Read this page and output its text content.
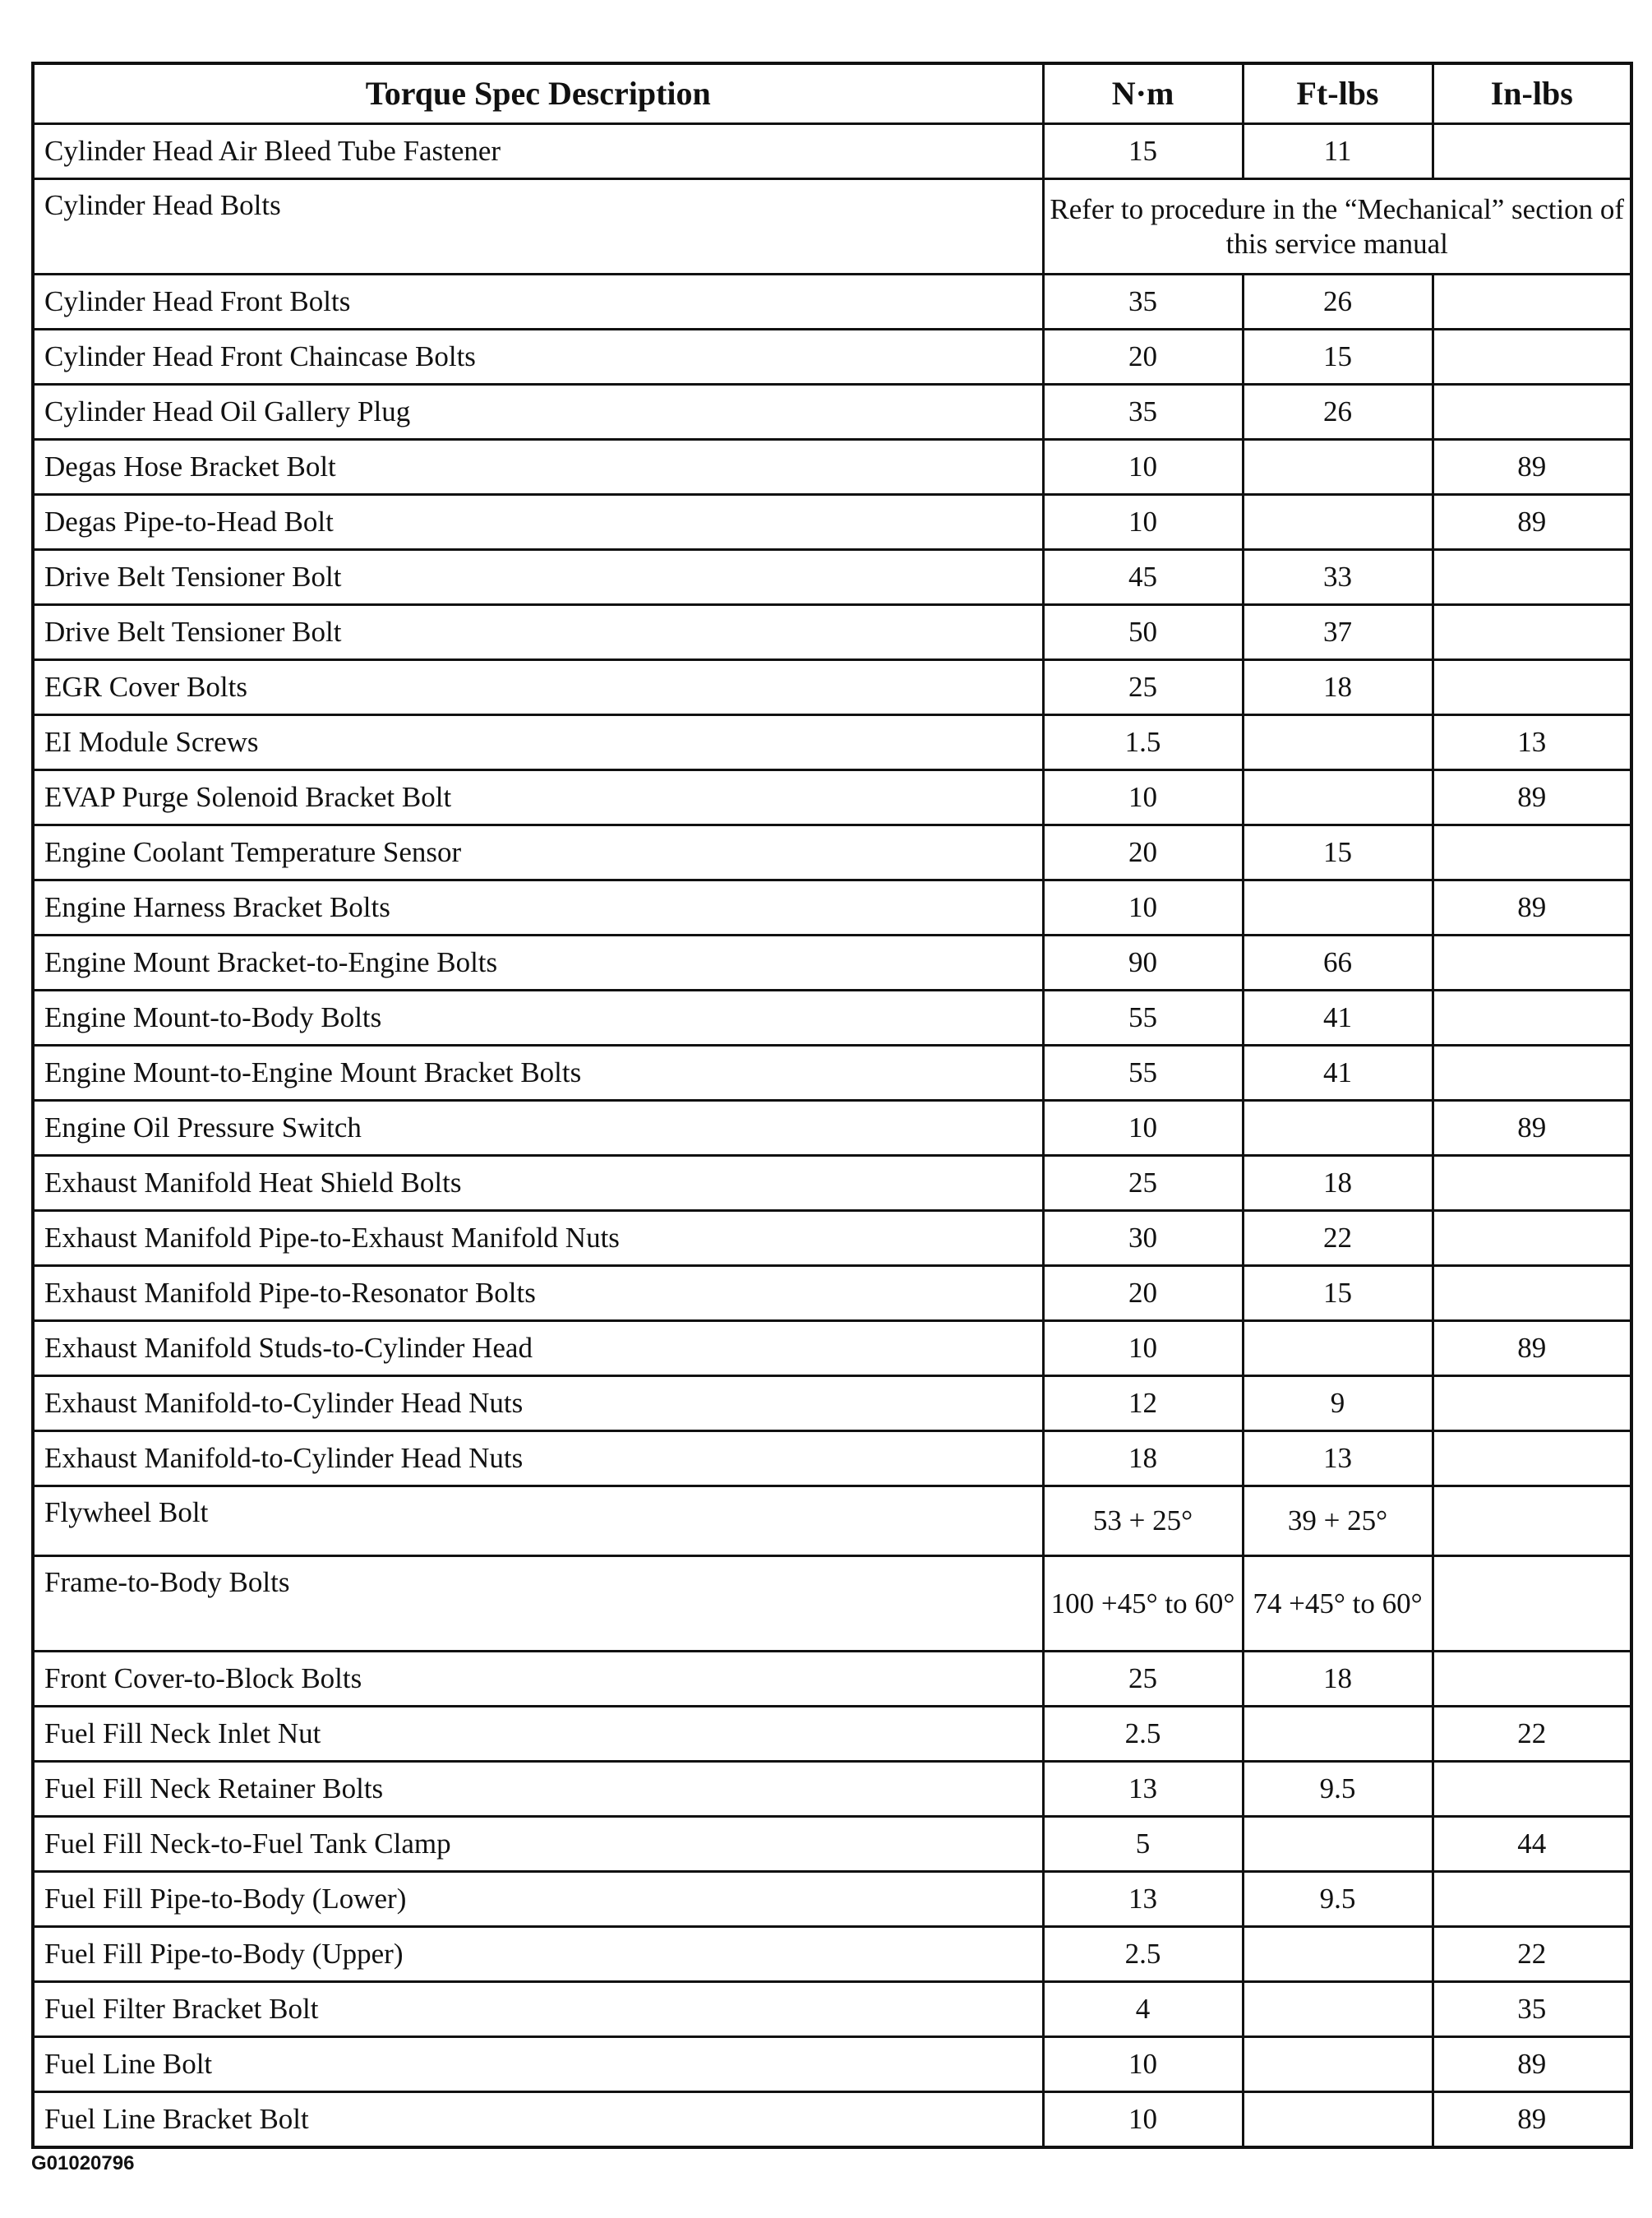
Torque Spec Description	N·m	Ft-lbs	In-lbs
Cylinder Head Air Bleed Tube Fastener	15	11	
Cylinder Head Bolts	Refer to procedure in the “Mechanical” section of this service manual		
Cylinder Head Front Bolts	35	26	
Cylinder Head Front Chaincase Bolts	20	15	
Cylinder Head Oil Gallery Plug	35	26	
Degas Hose Bracket Bolt	10		89
Degas Pipe-to-Head Bolt	10		89
Drive Belt Tensioner Bolt	45	33	
Drive Belt Tensioner Bolt	50	37	
EGR Cover Bolts	25	18	
EI Module Screws	1.5		13
EVAP Purge Solenoid Bracket Bolt	10		89
Engine Coolant Temperature Sensor	20	15	
Engine Harness Bracket Bolts	10		89
Engine Mount Bracket-to-Engine Bolts	90	66	
Engine Mount-to-Body Bolts	55	41	
Engine Mount-to-Engine Mount Bracket Bolts	55	41	
Engine Oil Pressure Switch	10		89
Exhaust Manifold Heat Shield Bolts	25	18	
Exhaust Manifold Pipe-to-Exhaust Manifold Nuts	30	22	
Exhaust Manifold Pipe-to-Resonator Bolts	20	15	
Exhaust Manifold Studs-to-Cylinder Head	10		89
Exhaust Manifold-to-Cylinder Head Nuts	12	9	
Exhaust Manifold-to-Cylinder Head Nuts	18	13	
Flywheel Bolt	53 + 25°	39 + 25°	
Frame-to-Body Bolts	100 +45° to 60°	74 +45° to 60°	
Front Cover-to-Block Bolts	25	18	
Fuel Fill Neck Inlet Nut	2.5		22
Fuel Fill Neck Retainer Bolts	13	9.5	
Fuel Fill Neck-to-Fuel Tank Clamp	5		44
Fuel Fill Pipe-to-Body (Lower)	13	9.5	
Fuel Fill Pipe-to-Body (Upper)	2.5		22
Fuel Filter Bracket Bolt	4		35
Fuel Line Bolt	10		89
Fuel Line Bracket Bolt	10		89
G01020796
